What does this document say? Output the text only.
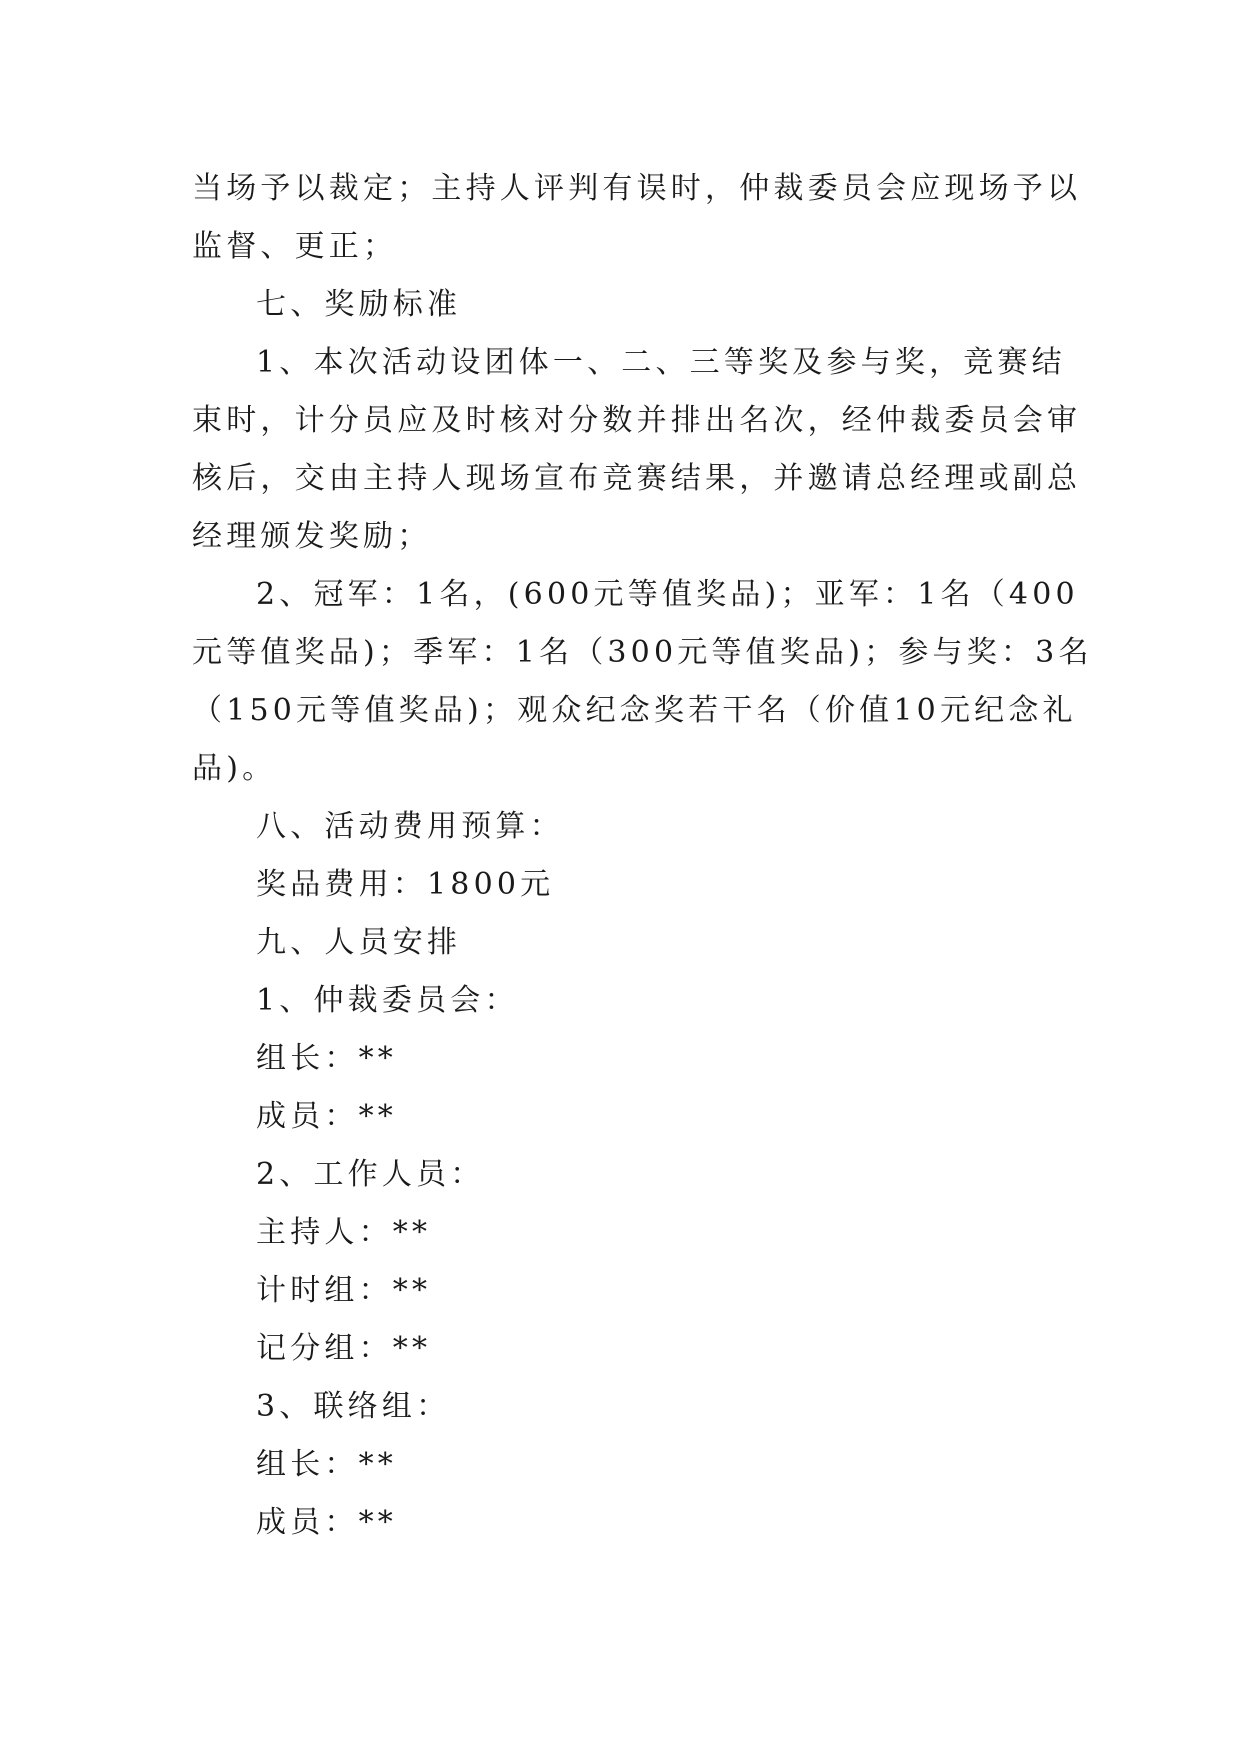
当场予以裁定；主持人评判有误时，仲裁委员会应现场予以
监督、更正；
七、奖励标准
1、本次活动设团体一、二、三等奖及参与奖，竞赛结
束时，计分员应及时核对分数并排出名次，经仲裁委员会审
核后，交由主持人现场宣布竞赛结果，并邀请总经理或副总
经理颁发奖励；
2、冠军：1名，(600元等值奖品)；亚军：1名（400
元等值奖品)；季军：1名（300元等值奖品)；参与奖：3名
（150元等值奖品)；观众纪念奖若干名（价值10元纪念礼
品)。
八、活动费用预算：
奖品费用：1800元
九、人员安排
1、仲裁委员会：
组长：**
成员：**
2、工作人员：
主持人：**
计时组：**
记分组：**
3、联络组：
组长：**
成员：**
